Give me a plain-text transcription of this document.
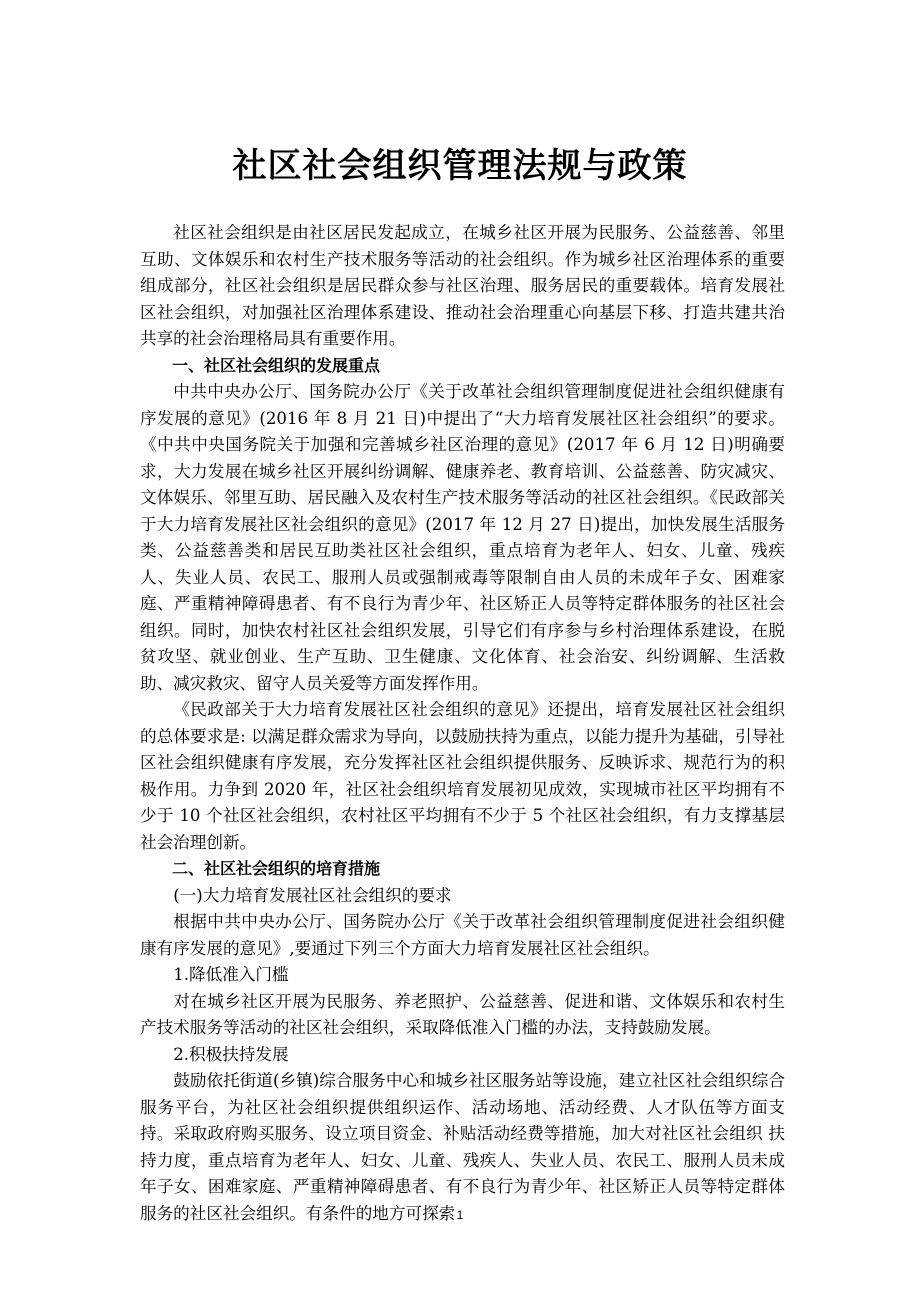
社区社会组织管理法规与政策

社区社会组织是由社区居民发起成立，在城乡社区开展为民服务、公益慈善、邻里互助、文体娱乐和农村生产技术服务等活动的社会组织。作为城乡社区治理体系的重要组成部分，社区社会组织是居民群众参与社区治理、服务居民的重要载体。培育发展社区社会组织，对加强社区治理体系建设、推动社会治理重心向基层下移、打造共建共治共享的社会治理格局具有重要作用。

一、社区社会组织的发展重点

中共中央办公厅、国务院办公厅《关于改革社会组织管理制度促进社会组织健康有序发展的意见》(2016 年 8 月 21 日)中提出了“大力培育发展社区社会组织”的要求。《中共中央国务院关于加强和完善城乡社区治理的意见》(2017 年 6 月 12 日)明确要 求，大力发展在城乡社区开展纠纷调解、健康养老、教育培训、公益慈善、防灾减灾、文体娱乐、邻里互助、居民融入及农村生产技术服务等活动的社区社会组织。《民政部关于大力培育发展社区社会组织的意见》(2017 年 12 月 27 日)提出，加快发展生活服务类、公益慈善类和居民互助类社区社会组织，重点培育为老年人、妇女、儿童、残疾人、失业人员、农民工、服刑人员或强制戒毒等限制自由人员的未成年子女、困难家庭、严重精神障碍患者、有不良行为青少年、社区矫正人员等特定群体服务的社区社会组织。同时，加快农村社区社会组织发展，引导它们有序参与乡村治理体系建设，在脱贫攻坚、就业创业、生产互助、卫生健康、文化体育、社会治安、纠纷调解、生活救助、减灾救灾、留守人员关爱等方面发挥作用。

《民政部关于大力培育发展社区社会组织的意见》还提出，培育发展社区社会组织的总体要求是: 以满足群众需求为导向，以鼓励扶持为重点，以能力提升为基础，引导社区社会组织健康有序发展，充分发挥社区社会组织提供服务、反映诉求、规范行为的积极作用。力争到 2020 年，社区社会组织培育发展初见成效，实现城市社区平均拥有不少于 10 个社区社会组织，农村社区平均拥有不少于 5 个社区社会组织，有力支撑基层社会治理创新。

二、社区社会组织的培育措施

(一)大力培育发展社区社会组织的要求

根据中共中央办公厅、国务院办公厅《关于改革社会组织管理制度促进社会组织健康有序发展的意见》,要通过下列三个方面大力培育发展社区社会组织。

1.降低准入门槛

对在城乡社区开展为民服务、养老照护、公益慈善、促进和谐、文体娱乐和农村生产技术服务等活动的社区社会组织，采取降低准入门槛的办法，支持鼓励发展。

2.积极扶持发展

鼓励依托街道(乡镇)综合服务中心和城乡社区服务站等设施，建立社区社会组织综合服务平台，为社区社会组织提供组织运作、活动场地、活动经费、人才队伍等方面支持。采取政府购买服务、设立项目资金、补贴活动经费等措施，加大对社区社会组织 扶持力度，重点培育为老年人、妇女、儿童、残疾人、失业人员、农民工、服刑人员未成年子女、困难家庭、严重精神障碍患者、有不良行为青少年、社区矫正人员等特定群体服务的社区社会组织。有条件的地方可探索 1
